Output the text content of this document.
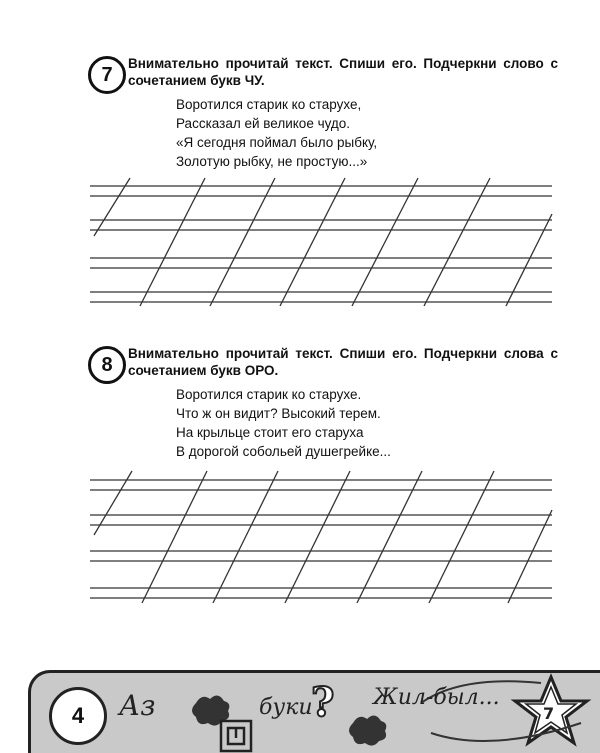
7	Внимательно прочитай текст. Спиши его. Подчеркни слово с сочетанием букв ЧУ.
Воротился старик ко старухе,
Рассказал ей великое чудо.
«Я сегодня поймал было рыбку,
Золотую рыбку, не простую...»
8	Внимательно прочитай текст. Спиши его. Подчеркни слова с сочетанием букв ОРО.
Воротился старик ко старухе.
Что ж он видит? Высокий терем.
На крыльце стоит его старуха
В дорогой собольей душегрейке...
7
4	Аз	буки
? Жил-был...
